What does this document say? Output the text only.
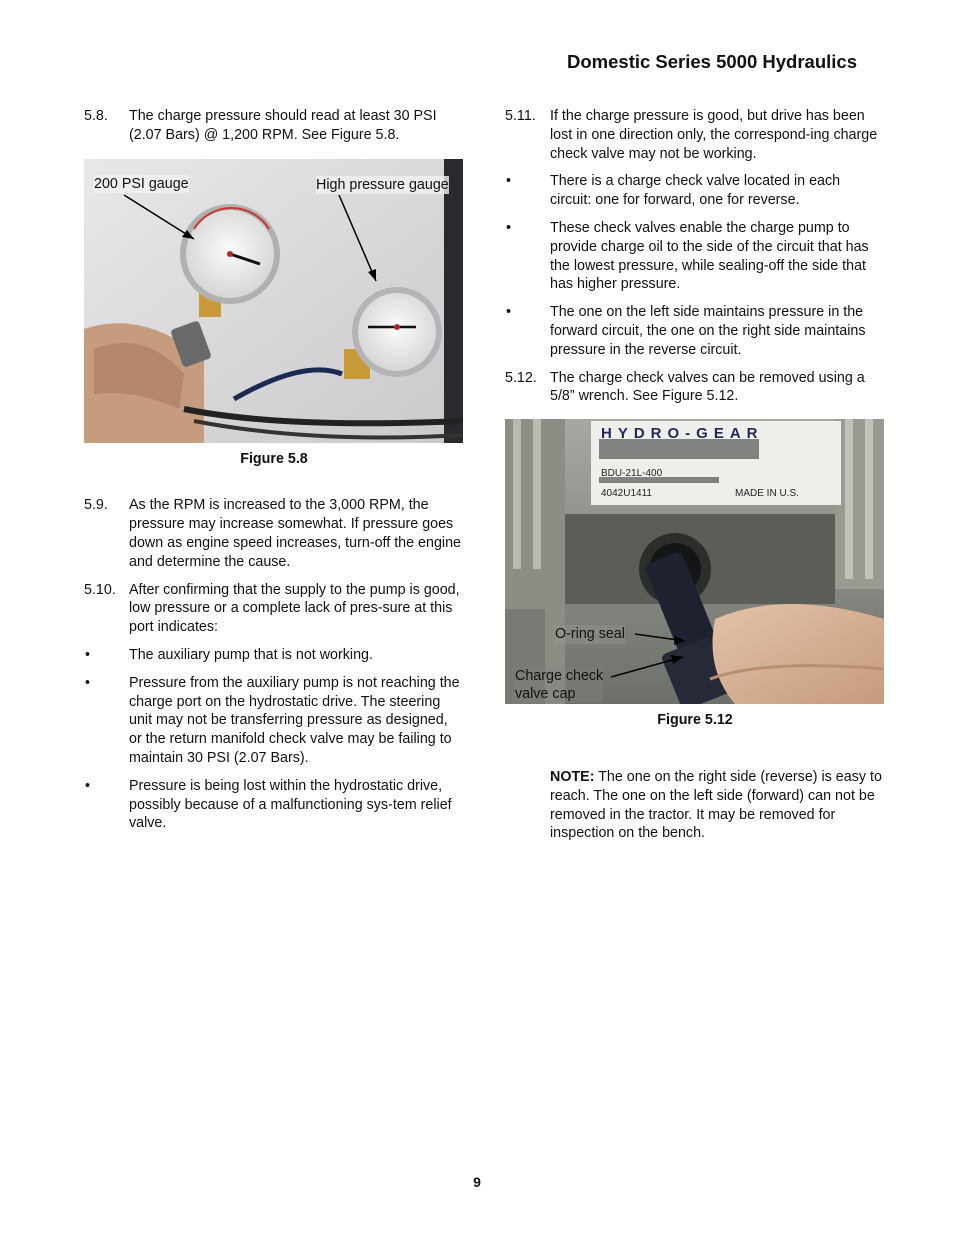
Domestic Series 5000 Hydraulics
5.8. The charge pressure should read at least 30 PSI (2.07 Bars) @ 1,200 RPM. See Figure 5.8.
200 PSI gauge	High pressure gauge
Figure 5.8
5.9. As the RPM is increased to the 3,000 RPM, the pressure may increase somewhat. If pressure goes down as engine speed increases, turn-off the engine and determine the cause.
5.10. After confirming that the supply to the pump is good, low pressure or a complete lack of pres-sure at this port indicates:
•	The auxiliary pump that is not working.
•	Pressure from the auxiliary pump is not reaching the charge port on the hydrostatic drive. The steering unit may not be transferring pressure as designed, or the return manifold check valve may be failing to maintain 30 PSI (2.07 Bars).
•	Pressure is being lost within the hydrostatic drive, possibly because of a malfunctioning sys-tem relief valve.
5.11. If the charge pressure is good, but drive has been lost in one direction only, the correspond-ing charge check valve may not be working.
•	There is a charge check valve located in each circuit: one for forward, one for reverse.
•	These check valves enable the charge pump to provide charge oil to the side of the circuit that has the lowest pressure, while sealing-off the side that has higher pressure.
•	The one on the left side maintains pressure in the forward circuit, the one on the right side maintains pressure in the reverse circuit.
5.12. The charge check valves can be removed using a 5/8” wrench. See Figure 5.12.
HYDRO-GEAR
BDU-21L-400
4042U1411	MADE IN U.S.
O-ring seal
Charge check
valve cap
Figure 5.12
NOTE: The one on the right side (reverse) is easy to reach. The one on the left side (forward) can not be removed in the tractor. It may be removed for inspection on the bench.
9
